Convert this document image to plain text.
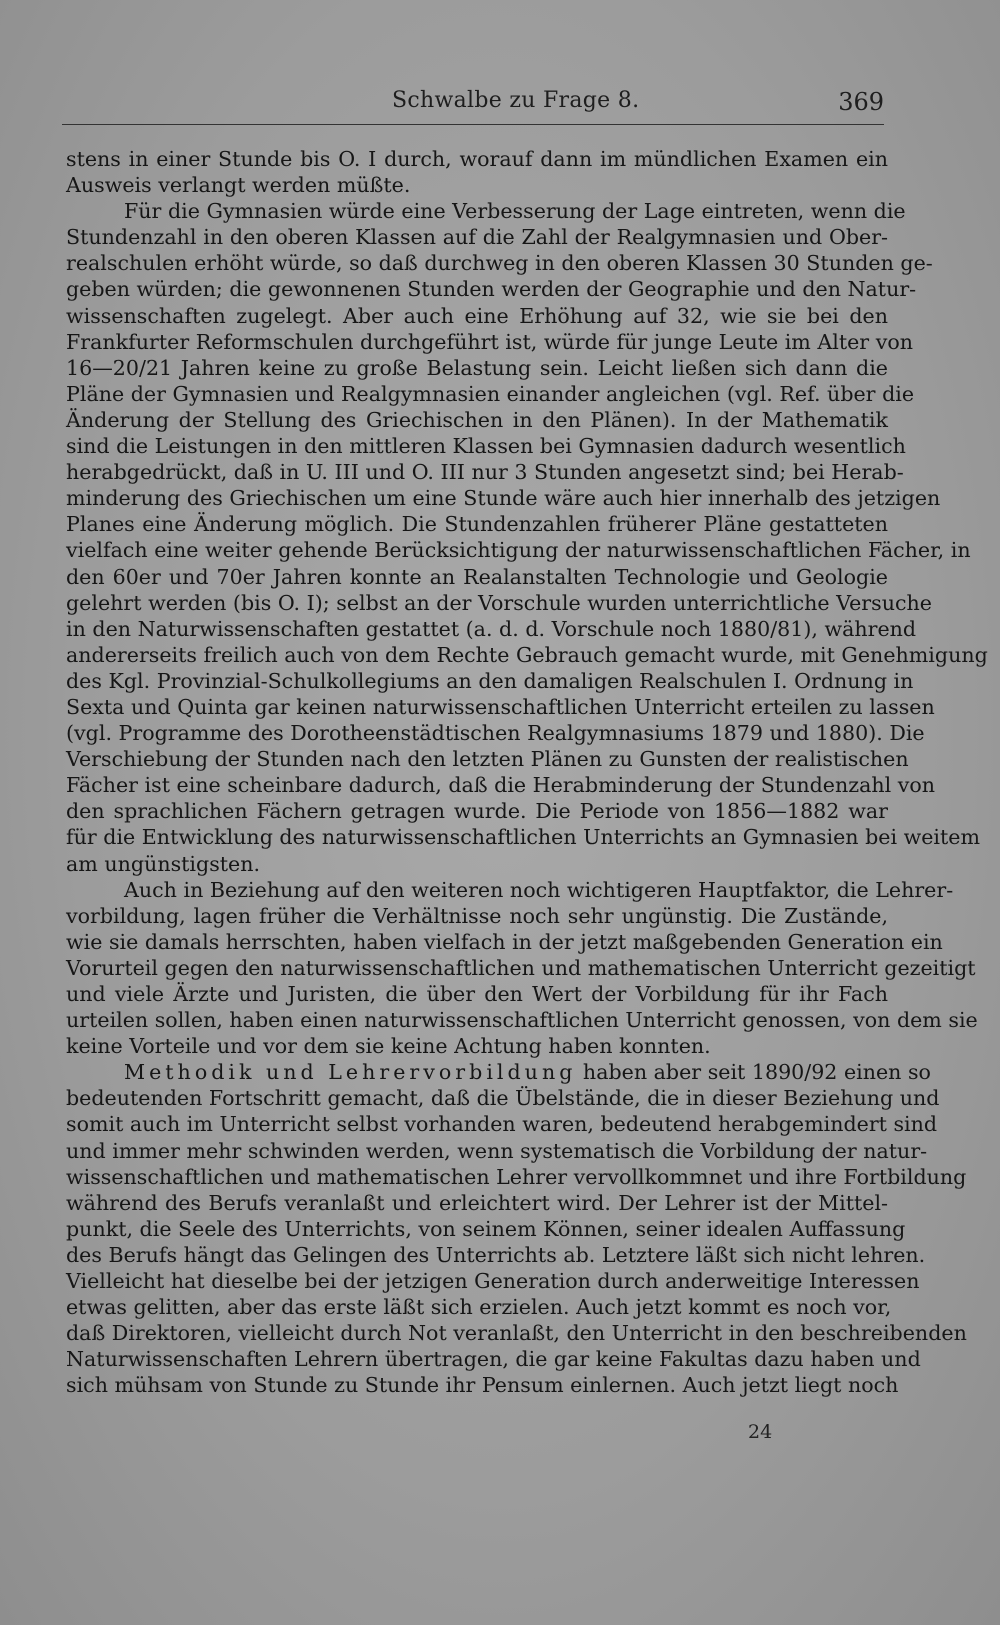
Schwalbe zu Frage 8.	369
stens in einer Stunde bis O. I durch, worauf dann im mündlichen Examen ein
Ausweis verlangt werden müßte.
Für die Gymnasien würde eine Verbesserung der Lage eintreten, wenn die
Stundenzahl in den oberen Klassen auf die Zahl der Realgymnasien und Ober-
realschulen erhöht würde, so daß durchweg in den oberen Klassen 30 Stunden ge-
geben würden; die gewonnenen Stunden werden der Geographie und den Natur-
wissenschaften zugelegt. Aber auch eine Erhöhung auf 32, wie sie bei den
Frankfurter Reformschulen durchgeführt ist, würde für junge Leute im Alter von
16—20/21 Jahren keine zu große Belastung sein. Leicht ließen sich dann die
Pläne der Gymnasien und Realgymnasien einander angleichen (vgl. Ref. über die
Änderung der Stellung des Griechischen in den Plänen). In der Mathematik
sind die Leistungen in den mittleren Klassen bei Gymnasien dadurch wesentlich
herabgedrückt, daß in U. III und O. III nur 3 Stunden angesetzt sind; bei Herab-
minderung des Griechischen um eine Stunde wäre auch hier innerhalb des jetzigen
Planes eine Änderung möglich. Die Stundenzahlen früherer Pläne gestatteten
vielfach eine weiter gehende Berücksichtigung der naturwissenschaftlichen Fächer, in
den 60er und 70er Jahren konnte an Realanstalten Technologie und Geologie
gelehrt werden (bis O. I); selbst an der Vorschule wurden unterrichtliche Versuche
in den Naturwissenschaften gestattet (a. d. d. Vorschule noch 1880/81), während
andererseits freilich auch von dem Rechte Gebrauch gemacht wurde, mit Genehmigung
des Kgl. Provinzial-Schulkollegiums an den damaligen Realschulen I. Ordnung in
Sexta und Quinta gar keinen naturwissenschaftlichen Unterricht erteilen zu lassen
(vgl. Programme des Dorotheenstädtischen Realgymnasiums 1879 und 1880). Die
Verschiebung der Stunden nach den letzten Plänen zu Gunsten der realistischen
Fächer ist eine scheinbare dadurch, daß die Herabminderung der Stundenzahl von
den sprachlichen Fächern getragen wurde. Die Periode von 1856—1882 war
für die Entwicklung des naturwissenschaftlichen Unterrichts an Gymnasien bei weitem
am ungünstigsten.
Auch in Beziehung auf den weiteren noch wichtigeren Hauptfaktor, die Lehrer-
vorbildung, lagen früher die Verhältnisse noch sehr ungünstig. Die Zustände,
wie sie damals herrschten, haben vielfach in der jetzt maßgebenden Generation ein
Vorurteil gegen den naturwissenschaftlichen und mathematischen Unterricht gezeitigt
und viele Ärzte und Juristen, die über den Wert der Vorbildung für ihr Fach
urteilen sollen, haben einen naturwissenschaftlichen Unterricht genossen, von dem sie
keine Vorteile und vor dem sie keine Achtung haben konnten.
Methodik und Lehrervorbildung haben aber seit 1890/92 einen so
bedeutenden Fortschritt gemacht, daß die Übelstände, die in dieser Beziehung und
somit auch im Unterricht selbst vorhanden waren, bedeutend herabgemindert sind
und immer mehr schwinden werden, wenn systematisch die Vorbildung der natur-
wissenschaftlichen und mathematischen Lehrer vervollkommnet und ihre Fortbildung
während des Berufs veranlaßt und erleichtert wird. Der Lehrer ist der Mittel-
punkt, die Seele des Unterrichts, von seinem Können, seiner idealen Auffassung
des Berufs hängt das Gelingen des Unterrichts ab. Letztere läßt sich nicht lehren.
Vielleicht hat dieselbe bei der jetzigen Generation durch anderweitige Interessen
etwas gelitten, aber das erste läßt sich erzielen. Auch jetzt kommt es noch vor,
daß Direktoren, vielleicht durch Not veranlaßt, den Unterricht in den beschreibenden
Naturwissenschaften Lehrern übertragen, die gar keine Fakultas dazu haben und
sich mühsam von Stunde zu Stunde ihr Pensum einlernen. Auch jetzt liegt noch
24
